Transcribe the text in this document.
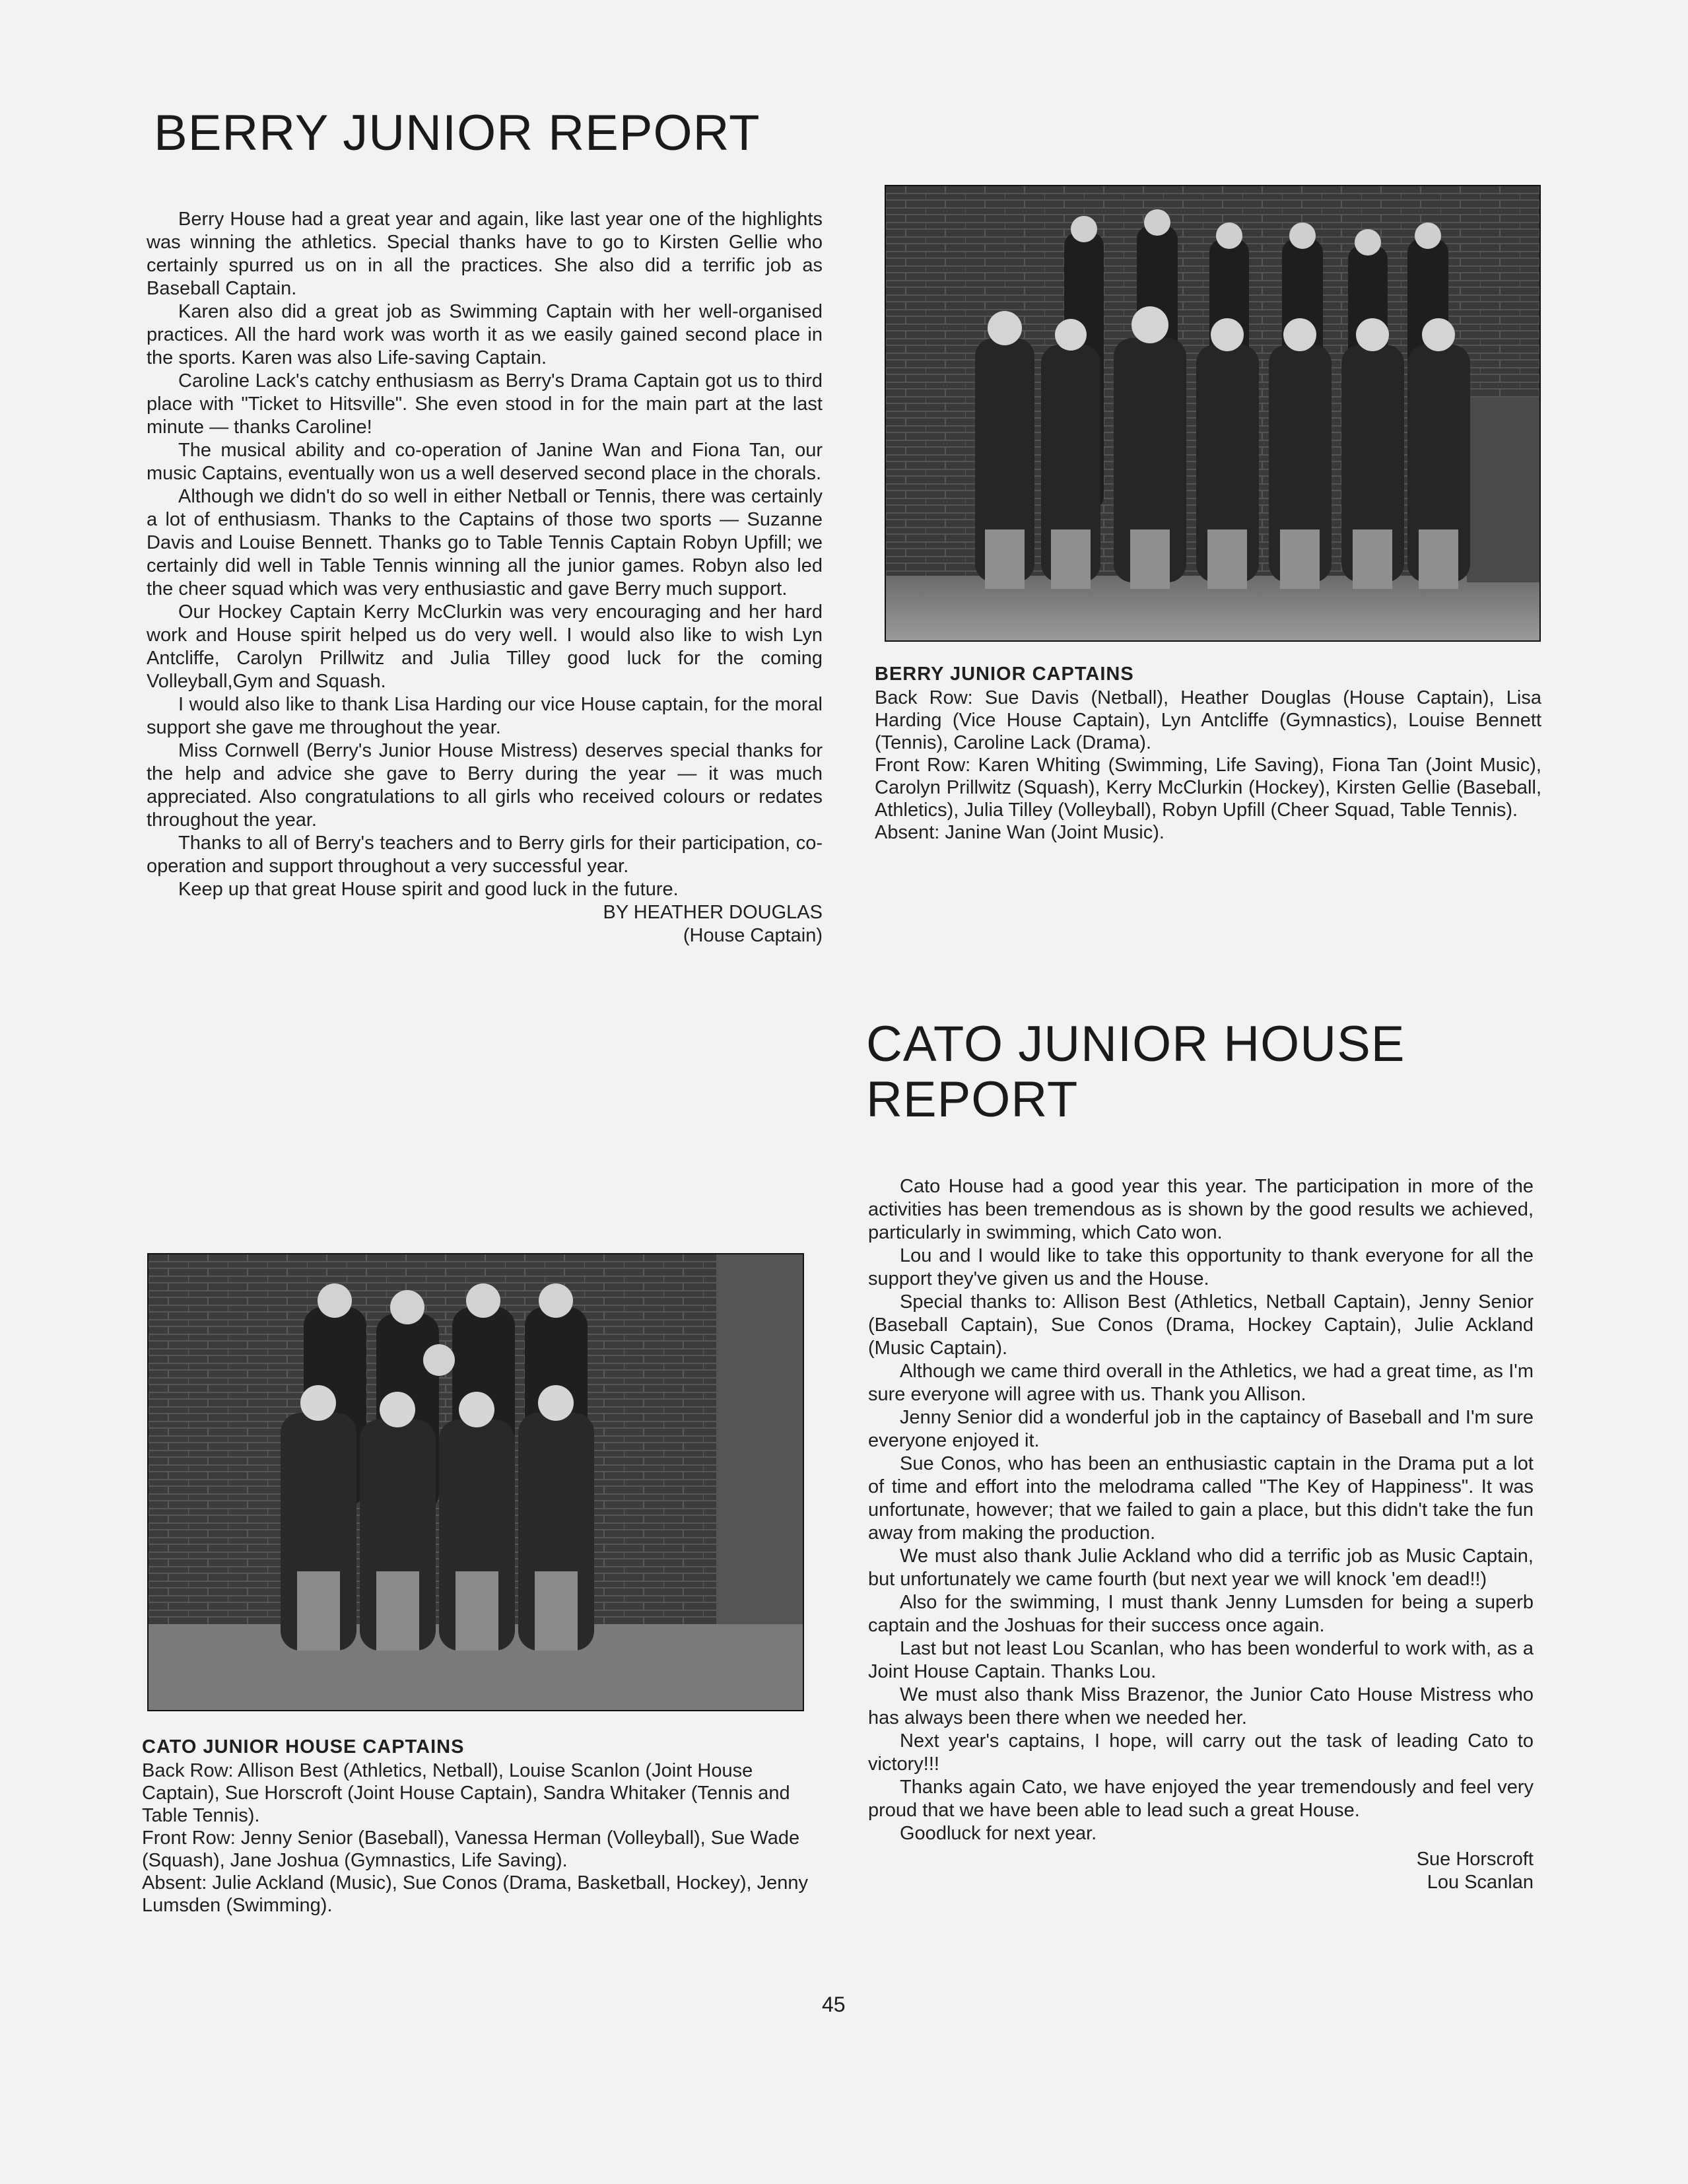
BERRY JUNIOR REPORT

Berry House had a great year and again, like last year one of the highlights was winning the athletics. Special thanks have to go to Kirsten Gellie who certainly spurred us on in all the practices. She also did a terrific job as Baseball Captain.

Karen also did a great job as Swimming Captain with her well-organised practices. All the hard work was worth it as we easily gained second place in the sports. Karen was also Life-saving Captain.

Caroline Lack's catchy enthusiasm as Berry's Drama Captain got us to third place with "Ticket to Hitsville". She even stood in for the main part at the last minute — thanks Caroline!

The musical ability and co-operation of Janine Wan and Fiona Tan, our music Captains, eventually won us a well deserved second place in the chorals.

Although we didn't do so well in either Netball or Tennis, there was certainly a lot of enthusiasm. Thanks to the Captains of those two sports — Suzanne Davis and Louise Bennett. Thanks go to Table Tennis Captain Robyn Upfill; we certainly did well in Table Tennis winning all the junior games. Robyn also led the cheer squad which was very enthusiastic and gave Berry much support.

Our Hockey Captain Kerry McClurkin was very encouraging and her hard work and House spirit helped us do very well. I would also like to wish Lyn Antcliffe, Carolyn Prillwitz and Julia Tilley good luck for the coming Volleyball,Gym and Squash.

I would also like to thank Lisa Harding our vice House captain, for the moral support she gave me throughout the year.

Miss Cornwell (Berry's Junior House Mistress) deserves special thanks for the help and advice she gave to Berry during the year — it was much appreciated. Also congratulations to all girls who received colours or redates throughout the year.

Thanks to all of Berry's teachers and to Berry girls for their participation, co-operation and support throughout a very successful year.

Keep up that great House spirit and good luck in the future.

BY HEATHER DOUGLAS

(House Captain)

BERRY JUNIOR CAPTAINS

Back Row: Sue Davis (Netball), Heather Douglas (House Captain), Lisa Harding (Vice House Captain), Lyn Antcliffe (Gymnastics), Louise Bennett (Tennis), Caroline Lack (Drama).

Front Row: Karen Whiting (Swimming, Life Saving), Fiona Tan (Joint Music), Carolyn Prillwitz (Squash), Kerry McClurkin (Hockey), Kirsten Gellie (Baseball, Athletics), Julia Tilley (Volleyball), Robyn Upfill (Cheer Squad, Table Tennis).

Absent: Janine Wan (Joint Music).

CATO JUNIOR HOUSE REPORT

Cato House had a good year this year. The participation in more of the activities has been tremendous as is shown by the good results we achieved, particularly in swimming, which Cato won.

Lou and I would like to take this opportunity to thank everyone for all the support they've given us and the House.

Special thanks to: Allison Best (Athletics, Netball Captain), Jenny Senior (Baseball Captain), Sue Conos (Drama, Hockey Captain), Julie Ackland (Music Captain).

Although we came third overall in the Athletics, we had a great time, as I'm sure everyone will agree with us. Thank you Allison.

Jenny Senior did a wonderful job in the captaincy of Baseball and I'm sure everyone enjoyed it.

Sue Conos, who has been an enthusiastic captain in the Drama put a lot of time and effort into the melodrama called "The Key of Happiness". It was unfortunate, however; that we failed to gain a place, but this didn't take the fun away from making the production.

We must also thank Julie Ackland who did a terrific job as Music Captain, but unfortunately we came fourth (but next year we will knock 'em dead!!)

Also for the swimming, I must thank Jenny Lumsden for being a superb captain and the Joshuas for their success once again.

Last but not least Lou Scanlan, who has been wonderful to work with, as a Joint House Captain. Thanks Lou.

We must also thank Miss Brazenor, the Junior Cato House Mistress who has always been there when we needed her.

Next year's captains, I hope, will carry out the task of leading Cato to victory!!!

Thanks again Cato, we have enjoyed the year tremendously and feel very proud that we have been able to lead such a great House.

Goodluck for next year.

Sue Horscroft

Lou Scanlan

CATO JUNIOR HOUSE CAPTAINS

Back Row: Allison Best (Athletics, Netball), Louise Scanlon (Joint House Captain), Sue Horscroft (Joint House Captain), Sandra Whitaker (Tennis and Table Tennis).

Front Row: Jenny Senior (Baseball), Vanessa Herman (Volleyball), Sue Wade (Squash), Jane Joshua (Gymnastics, Life Saving).

Absent: Julie Ackland (Music), Sue Conos (Drama, Basketball, Hockey), Jenny Lumsden (Swimming).

45
